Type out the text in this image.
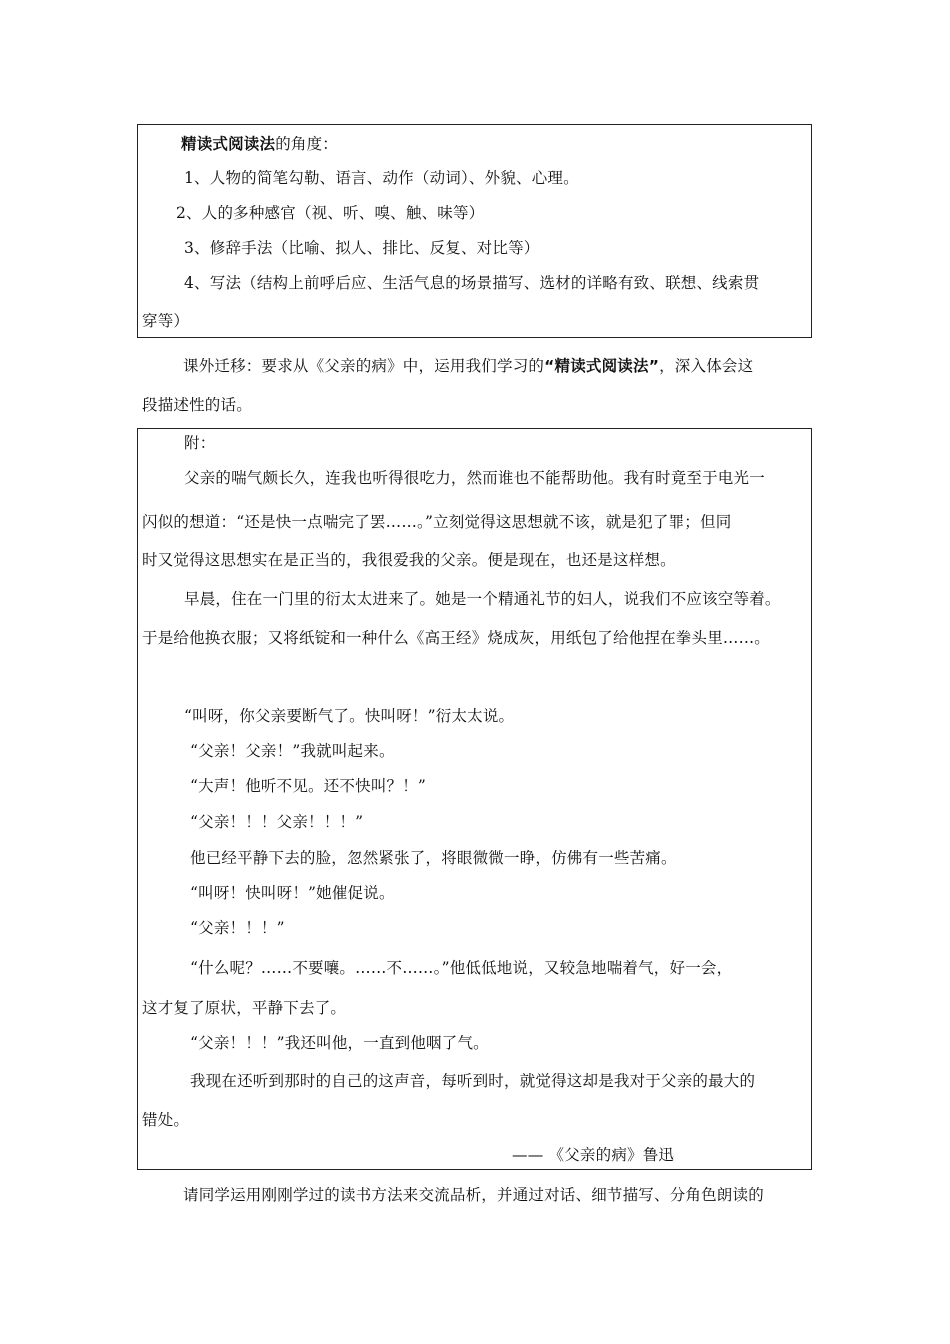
精读式阅读法的角度：
1、人物的简笔勾勒、语言、动作（动词）、外貌、心理。
2、人的多种感官（视、听、嗅、触、味等）
3、修辞手法（比喻、拟人、排比、反复、对比等）
4、写法（结构上前呼后应、生活气息的场景描写、选材的详略有致、联想、线索贯
穿等）
课外迁移：要求从《父亲的病》中，运用我们学习的“精读式阅读法”，深入体会这
段描述性的话。
附：
父亲的喘气颇长久，连我也听得很吃力，然而谁也不能帮助他。我有时竟至于电光一
闪似的想道：“还是快一点喘完了罢……。”立刻觉得这思想就不该，就是犯了罪；但同
时又觉得这思想实在是正当的，我很爱我的父亲。便是现在，也还是这样想。
早晨，住在一门里的衍太太进来了。她是一个精通礼节的妇人，说我们不应该空等着。
于是给他换衣服；又将纸锭和一种什么《高王经》烧成灰，用纸包了给他捏在拳头里……。
“叫呀，你父亲要断气了。快叫呀！”衍太太说。
“父亲！父亲！”我就叫起来。
“大声！他听不见。还不快叫？！”
“父亲！！！父亲！！！”
他已经平静下去的脸，忽然紧张了，将眼微微一睁，仿佛有一些苦痛。
“叫呀！快叫呀！”她催促说。
“父亲！！！”
“什么呢？……不要嚷。……不……。”他低低地说，又较急地喘着气，好一会，
这才复了原状，平静下去了。
“父亲！！！”我还叫他，一直到他咽了气。
我现在还听到那时的自己的这声音，每听到时，就觉得这却是我对于父亲的最大的
错处。
—— 《父亲的病》鲁迅
请同学运用刚刚学过的读书方法来交流品析，并通过对话、细节描写、分角色朗读的
